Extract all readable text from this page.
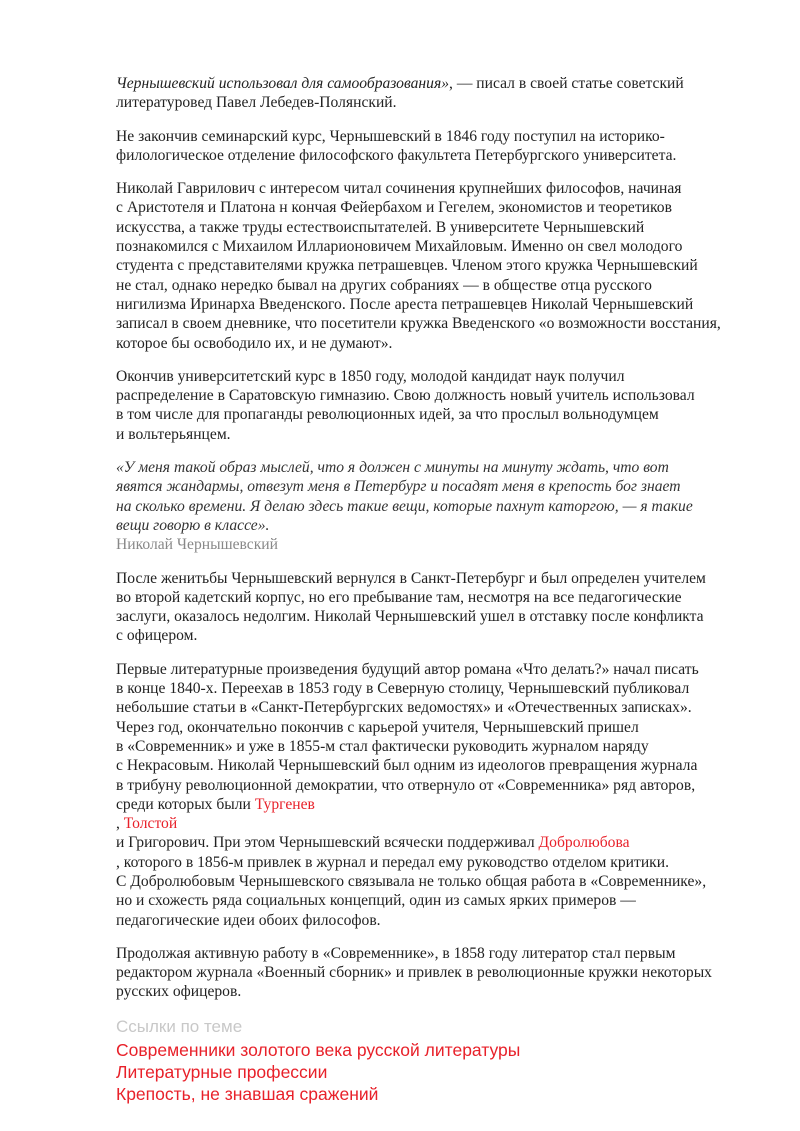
Чернышевский использовал для самообразования», — писал в своей статье советский
литературовед Павел Лебедев-Полянский.

Не закончив семинарский курс, Чернышевский в 1846 году поступил на историко-
филологическое отделение философского факультета Петербургского университета.

Николай Гаврилович с интересом читал сочинения крупнейших философов, начиная
с Аристотеля и Платона н кончая Фейербахом и Гегелем, экономистов и теоретиков
искусства, а также труды естествоиспытателей. В университете Чернышевский
познакомился с Михаилом Илларионовичем Михайловым. Именно он свел молодого
студента с представителями кружка петрашевцев. Членом этого кружка Чернышевский
не стал, однако нередко бывал на других собраниях — в обществе отца русского
нигилизма Иринарха Введенского. После ареста петрашевцев Николай Чернышевский
записал в своем дневнике, что посетители кружка Введенского «о возможности восстания,
которое бы освободило их, и не думают».

Окончив университетский курс в 1850 году, молодой кандидат наук получил
распределение в Саратовскую гимназию. Свою должность новый учитель использовал
в том числе для пропаганды революционных идей, за что прослыл вольнодумцем
и вольтерьянцем.

«У меня такой образ мыслей, что я должен с минуты на минуту ждать, что вот
явятся жандармы, отвезут меня в Петербург и посадят меня в крепость бог знает
на сколько времени. Я делаю здесь такие вещи, которые пахнут каторгою, — я такие
вещи говорю в классе».

Николай Чернышевский

После женитьбы Чернышевский вернулся в Санкт-Петербург и был определен учителем
во второй кадетский корпус, но его пребывание там, несмотря на все педагогические
заслуги, оказалось недолгим. Николай Чернышевский ушел в отставку после конфликта
с офицером.

Первые литературные произведения будущий автор романа «Что делать?» начал писать
в конце 1840-х. Переехав в 1853 году в Северную столицу, Чернышевский публиковал
небольшие статьи в «Санкт-Петербургских ведомостях» и «Отечественных записках».
Через год, окончательно покончив с карьерой учителя, Чернышевский пришел
в «Современник» и уже в 1855-м стал фактически руководить журналом наряду
с Некрасовым. Николай Чернышевский был одним из идеологов превращения журнала
в трибуну революционной демократии, что отвернуло от «Современника» ряд авторов,
среди которых были Тургенев
, Толстой
и Григорович. При этом Чернышевский всячески поддерживал Добролюбова
, которого в 1856-м привлек в журнал и передал ему руководство отделом критики.
С Добролюбовым Чернышевского связывала не только общая работа в «Современнике»,
но и схожесть ряда социальных концепций, один из самых ярких примеров —
педагогические идеи обоих философов.

Продолжая активную работу в «Современнике», в 1858 году литератор стал первым
редактором журнала «Военный сборник» и привлек в революционные кружки некоторых
русских офицеров.

Ссылки по теме
Современники золотого века русской литературы
Литературные профессии
Крепость, не знавшая сражений
